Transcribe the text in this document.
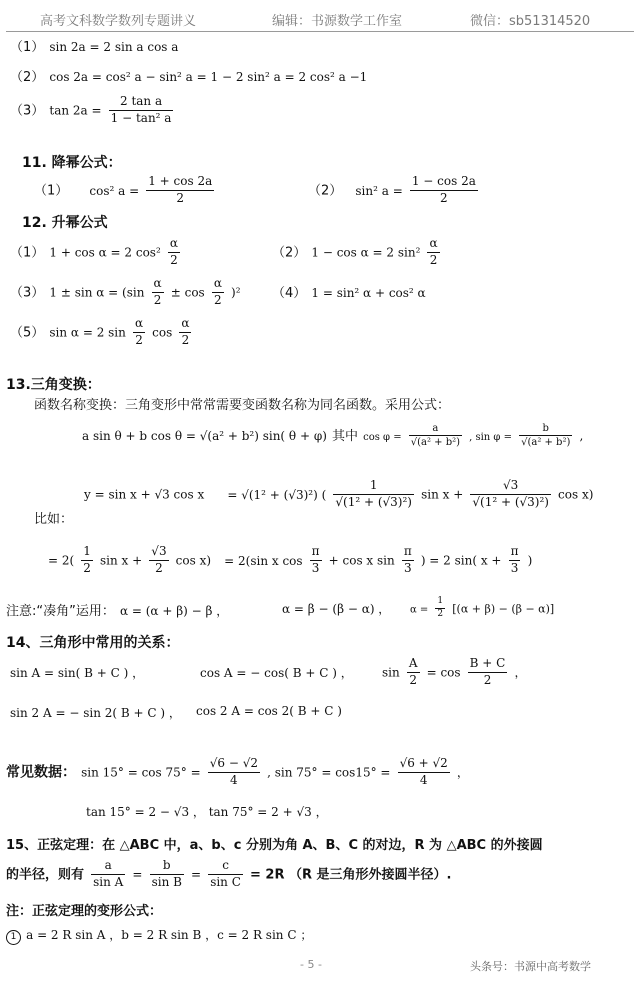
高考文科数学数列专题讲义	编辑：书源数学工作室	微信：sb51314520
（1） sin 2a = 2 sin a cos a
（2） cos 2a = cos² a − sin² a = 1 − 2 sin² a = 2 cos² a −1
（3） $\tan 2a = \frac{\text{2 tan a}}{\text{1 − tan² a}}$
11. 降幂公式：
（1） cos² $a = \frac{1 + \cos 2a}{2}$	（2） sin² $a = \frac{1 - \cos 2a}{2}$
12. 升幂公式
（1） 1 + cos α = 2 $\cos^2 \frac{\alpha}{2}$	（2） 1 − cos α = 2 $\sin^2 \frac{\alpha}{2}$
（3） $1 \pm \sin \alpha = (\sin \frac{\alpha}{2} \pm \cos \frac{\alpha}{2} )^2$ （4） 1 = sin² α + cos² α
（5） sin α = 2 $\sin \frac{\alpha}{2}$ $\cos \frac{\alpha}{2}$
13.三角变换：
函数名称变换：三角变形中常常需要变函数名称为同名函数。采用公式：
a sin θ + b cos θ = √(a² + b²) sin( θ + φ) 其中 $\cos \varphi = \frac{a}{\text{√(a² + b²)}}$ , $\sin \varphi = \frac{b}{\text{√(a² + b²)}}$ ,
y = sin x + √3 cos x = √(1² + (√3)²) ( $\frac{1}{\text{√(1² + (√3)²)}}$ $\sin x + \frac{√3}{\text{√(1² + (√3)²)}}$ cos x)
比如：
= $2( \frac{1}{2}$ $\sin x + \frac{√3}{2}$ cos x) = 2(sin x $\cos \frac{\pi}{3} + \cos x$ $\sin \frac{\pi}{3}$ ) = 2 sin( $x + \frac{\pi}{3}$ )
注意:“凑角”运用： α = (α + β) − β ，	α = β − (β − α) ， $\alpha = \frac{1}{2} [(\alpha + \beta) - (\beta - \alpha)]$
14、三角形中常用的关系：
sin A = sin( B + C ) ，	cos A = − cos( B + C ) ， $\sin \frac{A}{2} = \cos \frac{B + C}{2}$ ，
sin 2 A = − sin 2( B + C ) ， cos 2 A = cos 2( B + C )
常见数据： $\sin 15^\circ = \cos 75^\circ = \frac{√6 - √2}{4}$ , $\sin 75^\circ = \cos 15^\circ = \frac{√6 + √2}{4}$ ，
tan 15° = 2 − √3 ， tan 75° = 2 + √3 ，
15、正弦定理：在 △ABC 中，a、b、c 分别为角 A、B、C 的对边，R 为 △ABC 的外接圆
的半径，则有 $\frac{a}{\text{sin A}} = \frac{b}{\text{sin B}} = \frac{c}{\text{sin C}} = 2R$ （R 是三角形外接圆半径）.
注：正弦定理的变形公式：
1 a = 2 R sin A ，b = 2 R sin B ，c = 2 R sin C ；
- 5 -	头条号：书源中高考数学
